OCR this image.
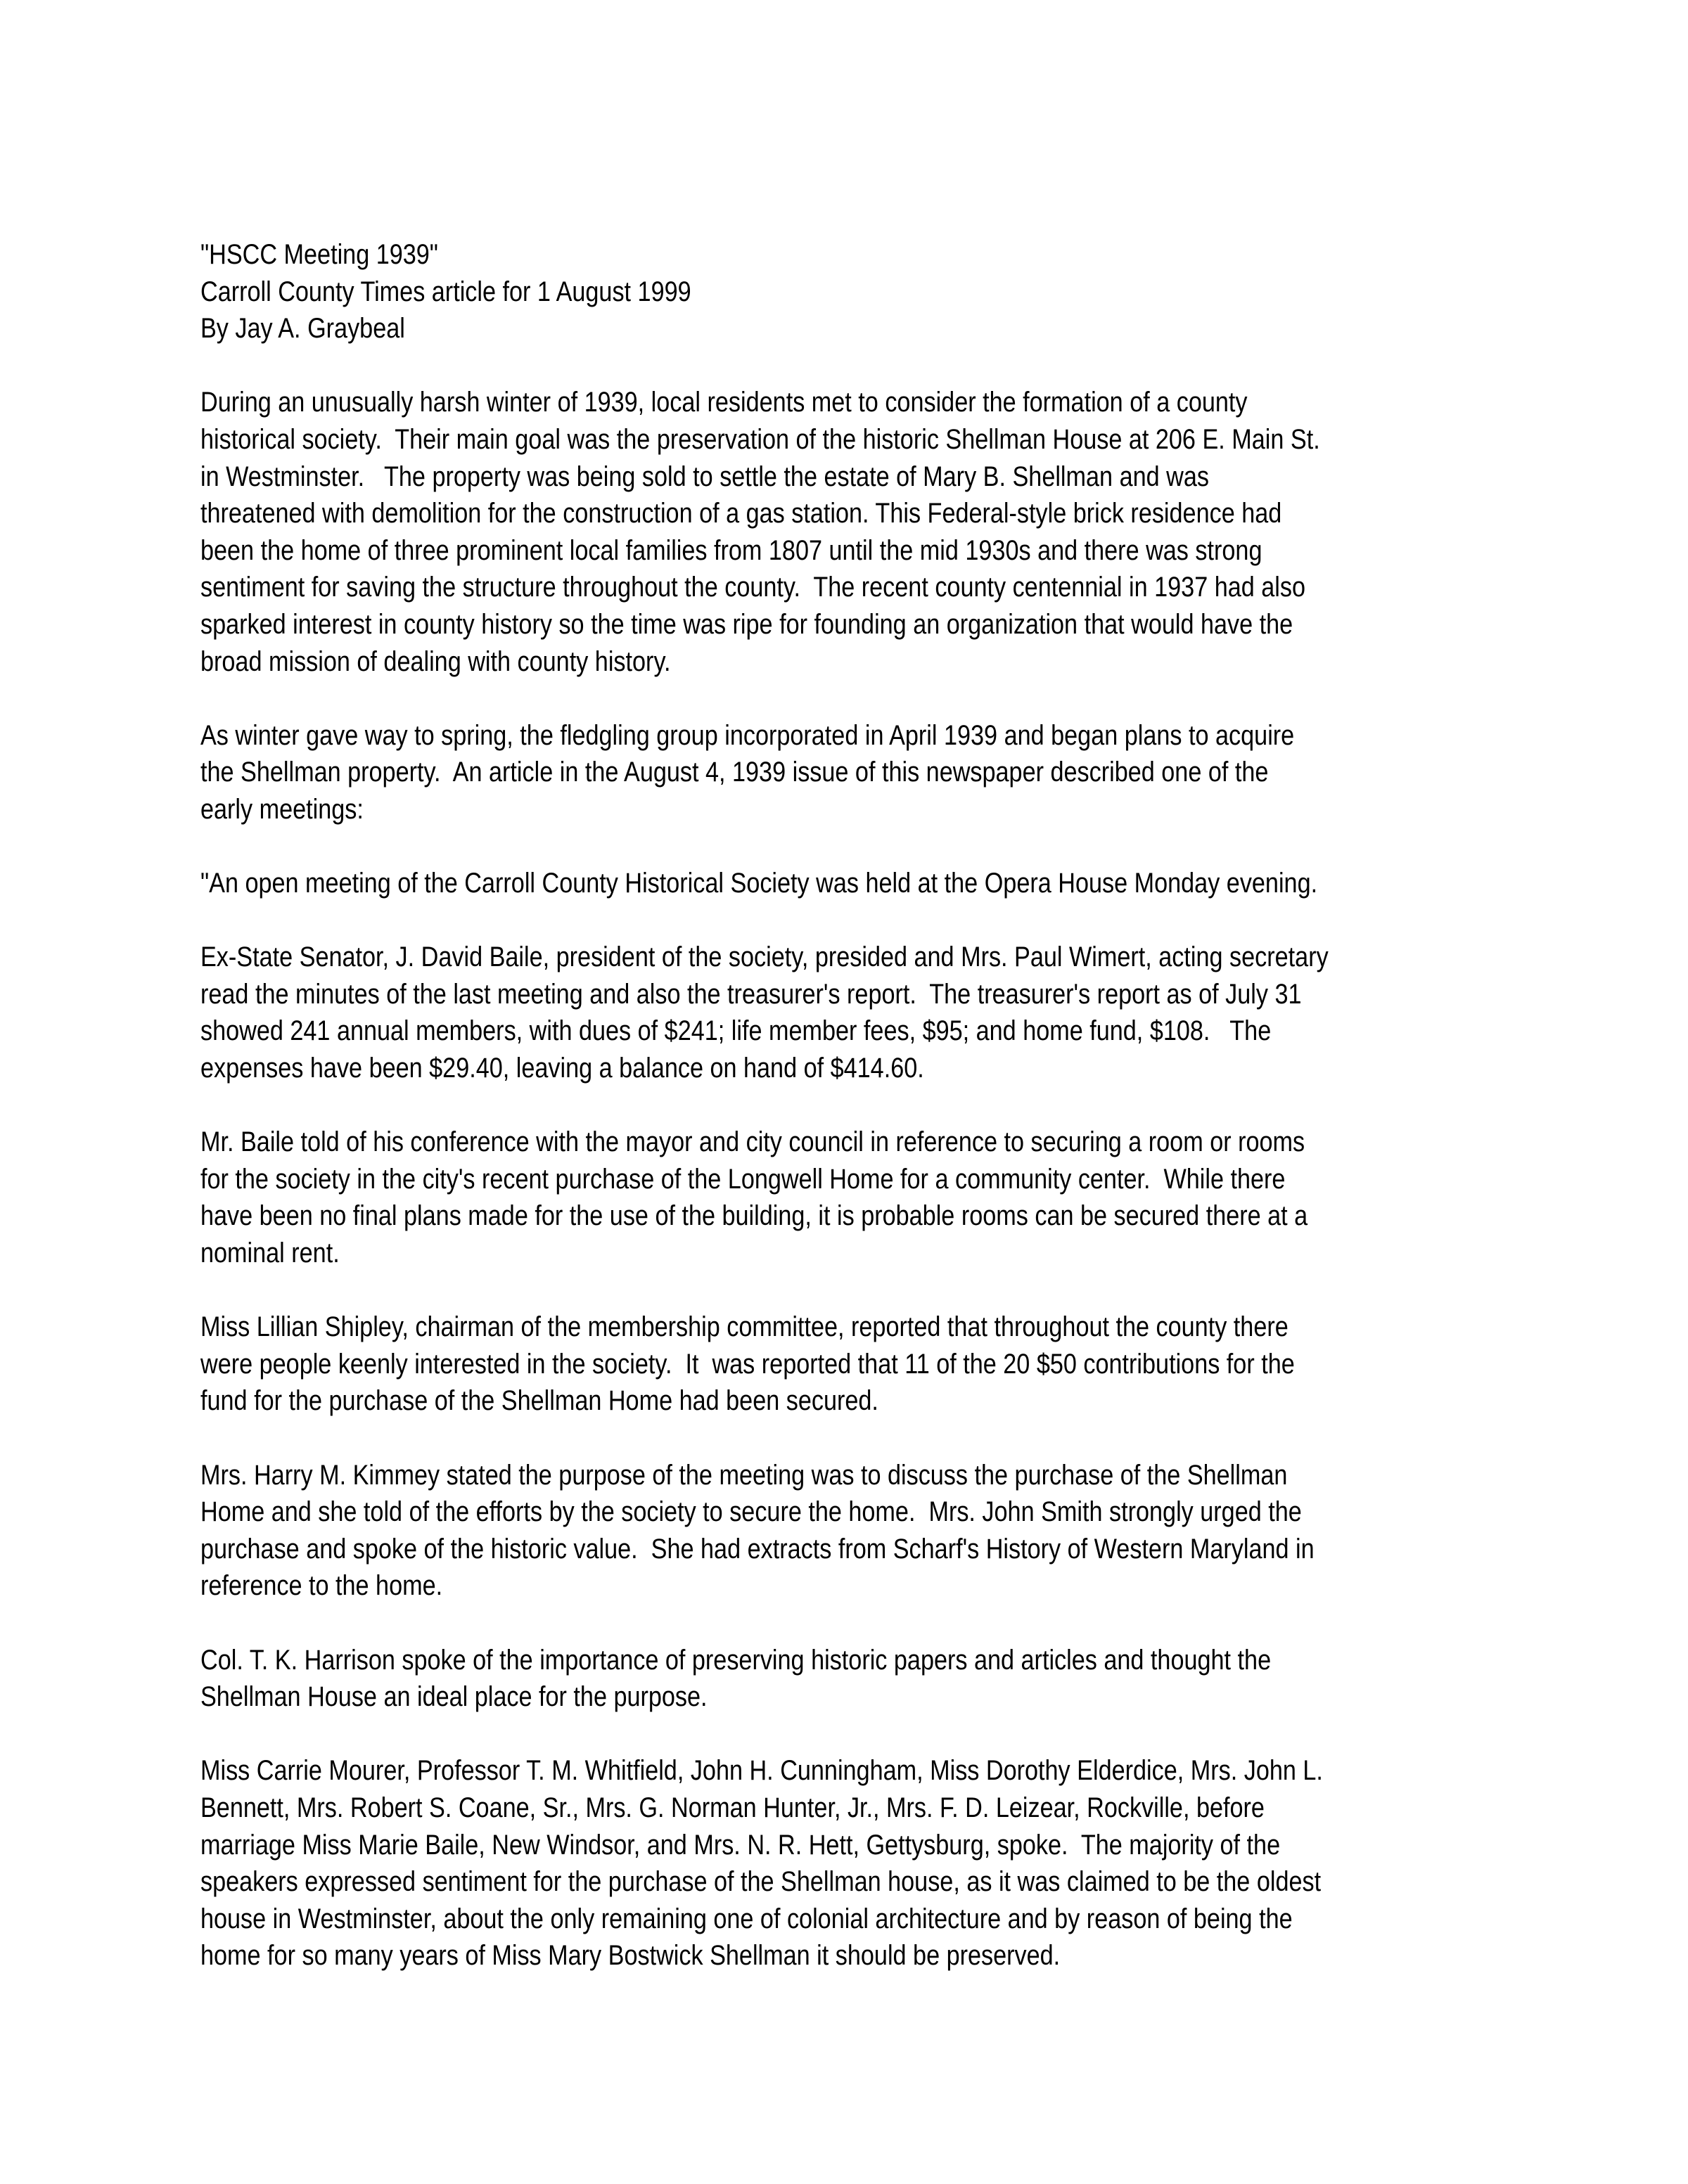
"HSCC Meeting 1939"
Carroll County Times article for 1 August 1999
By Jay A. Graybeal
During an unusually harsh winter of 1939, local residents met to consider the formation of a county
historical society.  Their main goal was the preservation of the historic Shellman House at 206 E. Main St.
in Westminster.   The property was being sold to settle the estate of Mary B. Shellman and was
threatened with demolition for the construction of a gas station. This Federal-style brick residence had
been the home of three prominent local families from 1807 until the mid 1930s and there was strong
sentiment for saving the structure throughout the county.  The recent county centennial in 1937 had also
sparked interest in county history so the time was ripe for founding an organization that would have the
broad mission of dealing with county history.
As winter gave way to spring, the fledgling group incorporated in April 1939 and began plans to acquire
the Shellman property.  An article in the August 4, 1939 issue of this newspaper described one of the
early meetings:
"An open meeting of the Carroll County Historical Society was held at the Opera House Monday evening.
Ex-State Senator, J. David Baile, president of the society, presided and Mrs. Paul Wimert, acting secretary
read the minutes of the last meeting and also the treasurer's report.  The treasurer's report as of July 31
showed 241 annual members, with dues of $241; life member fees, $95; and home fund, $108.   The
expenses have been $29.40, leaving a balance on hand of $414.60.
Mr. Baile told of his conference with the mayor and city council in reference to securing a room or rooms
for the society in the city's recent purchase of the Longwell Home for a community center.  While there
have been no final plans made for the use of the building, it is probable rooms can be secured there at a
nominal rent.
Miss Lillian Shipley, chairman of the membership committee, reported that throughout the county there
were people keenly interested in the society.  It  was reported that 11 of the 20 $50 contributions for the
fund for the purchase of the Shellman Home had been secured.
Mrs. Harry M. Kimmey stated the purpose of the meeting was to discuss the purchase of the Shellman
Home and she told of the efforts by the society to secure the home.  Mrs. John Smith strongly urged the
purchase and spoke of the historic value.  She had extracts from Scharf's History of Western Maryland in
reference to the home.
Col. T. K. Harrison spoke of the importance of preserving historic papers and articles and thought the
Shellman House an ideal place for the purpose.
Miss Carrie Mourer, Professor T. M. Whitfield, John H. Cunningham, Miss Dorothy Elderdice, Mrs. John L.
Bennett, Mrs. Robert S. Coane, Sr., Mrs. G. Norman Hunter, Jr., Mrs. F. D. Leizear, Rockville, before
marriage Miss Marie Baile, New Windsor, and Mrs. N. R. Hett, Gettysburg, spoke.  The majority of the
speakers expressed sentiment for the purchase of the Shellman house, as it was claimed to be the oldest
house in Westminster, about the only remaining one of colonial architecture and by reason of being the
home for so many years of Miss Mary Bostwick Shellman it should be preserved.
